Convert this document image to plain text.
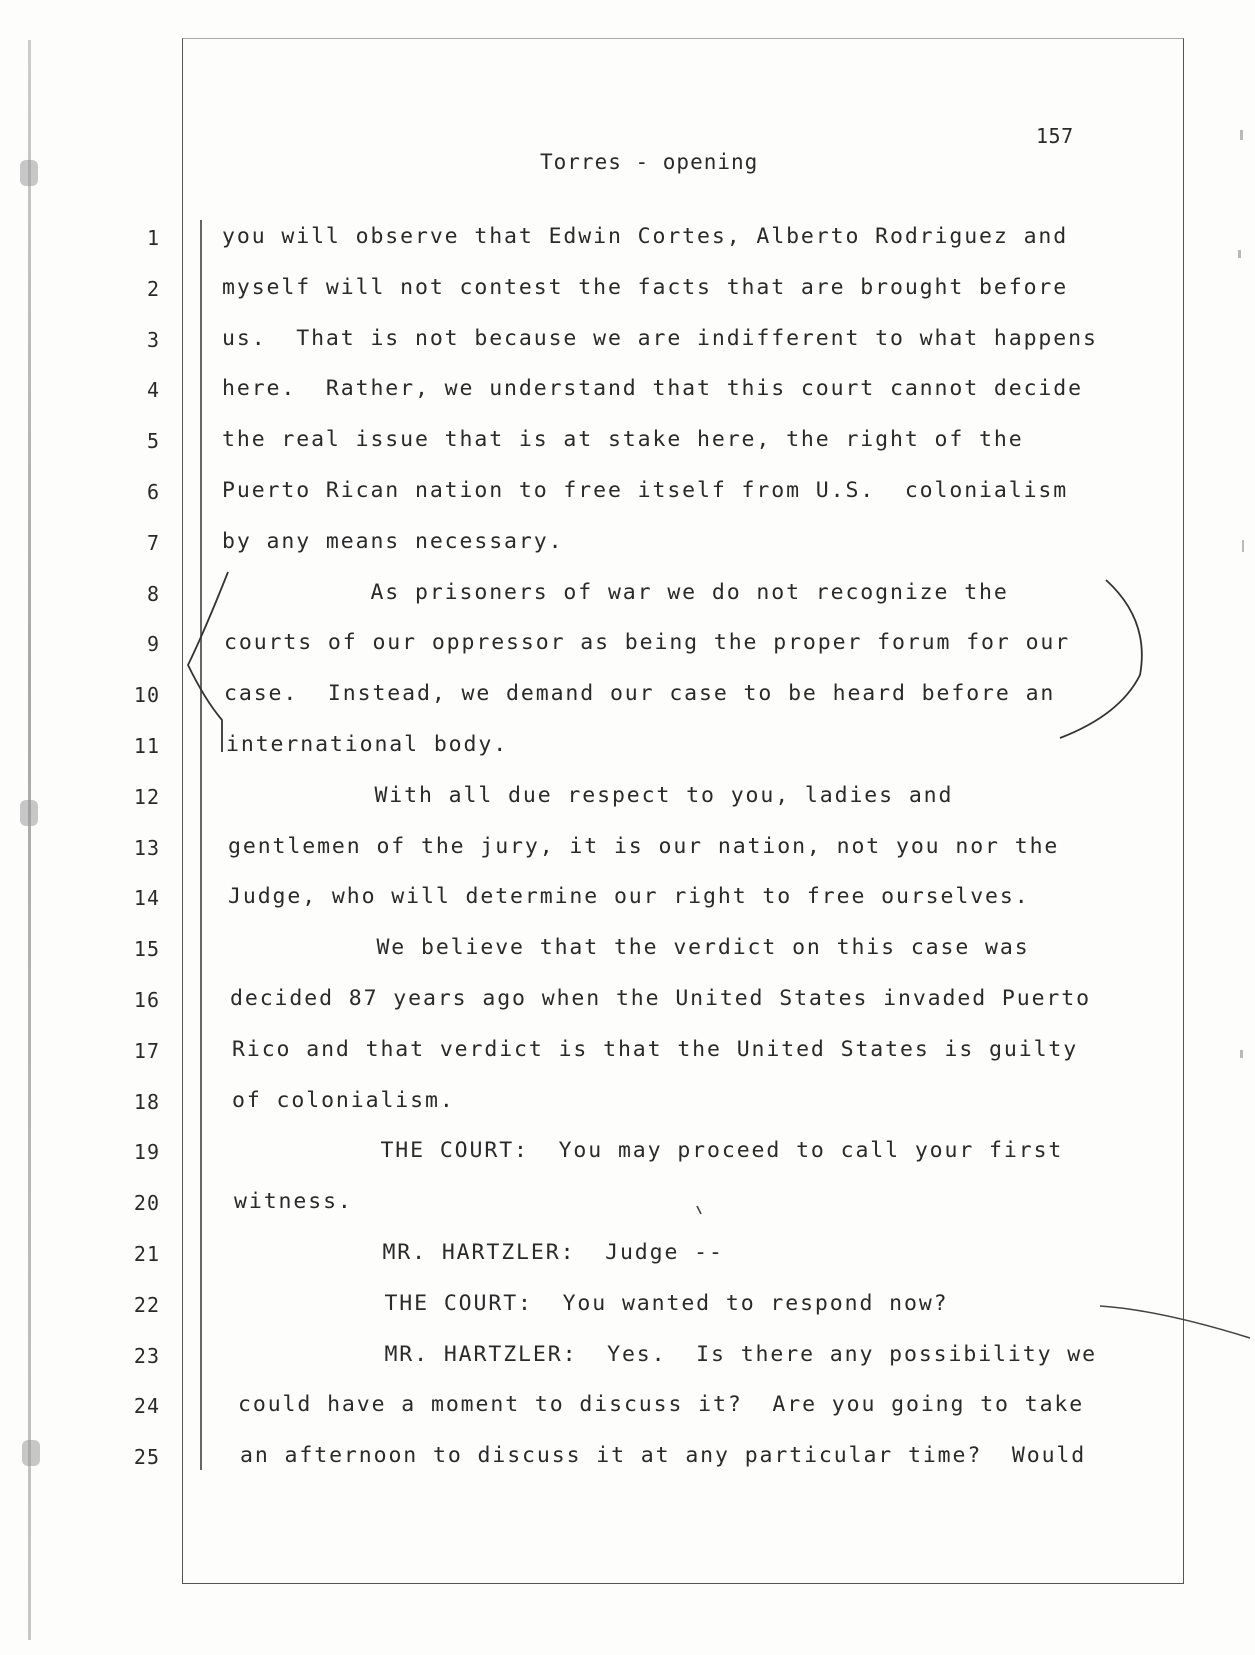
157
Torres - opening
1	you will observe that Edwin Cortes, Alberto Rodriguez and
2	myself will not contest the facts that are brought before
3	us.  That is not because we are indifferent to what happens
4	here.  Rather, we understand that this court cannot decide
5	the real issue that is at stake here, the right of the
6	Puerto Rican nation to free itself from U.S.  colonialism
7	by any means necessary.
8	As prisoners of war we do not recognize the
9	courts of our oppressor as being the proper forum for our
10	case.  Instead, we demand our case to be heard before an
11	international body.
12	With all due respect to you, ladies and
13	gentlemen of the jury, it is our nation, not you nor the
14	Judge, who will determine our right to free ourselves.
15	We believe that the verdict on this case was
16	decided 87 years ago when the United States invaded Puerto
17	Rico and that verdict is that the United States is guilty
18	of colonialism.
19	THE COURT:  You may proceed to call your first
20	witness.
21	MR. HARTZLER:  Judge --
22	THE COURT:  You wanted to respond now?
23	MR. HARTZLER:  Yes.  Is there any possibility we
24	could have a moment to discuss it?  Are you going to take
25	an afternoon to discuss it at any particular time?  Would
